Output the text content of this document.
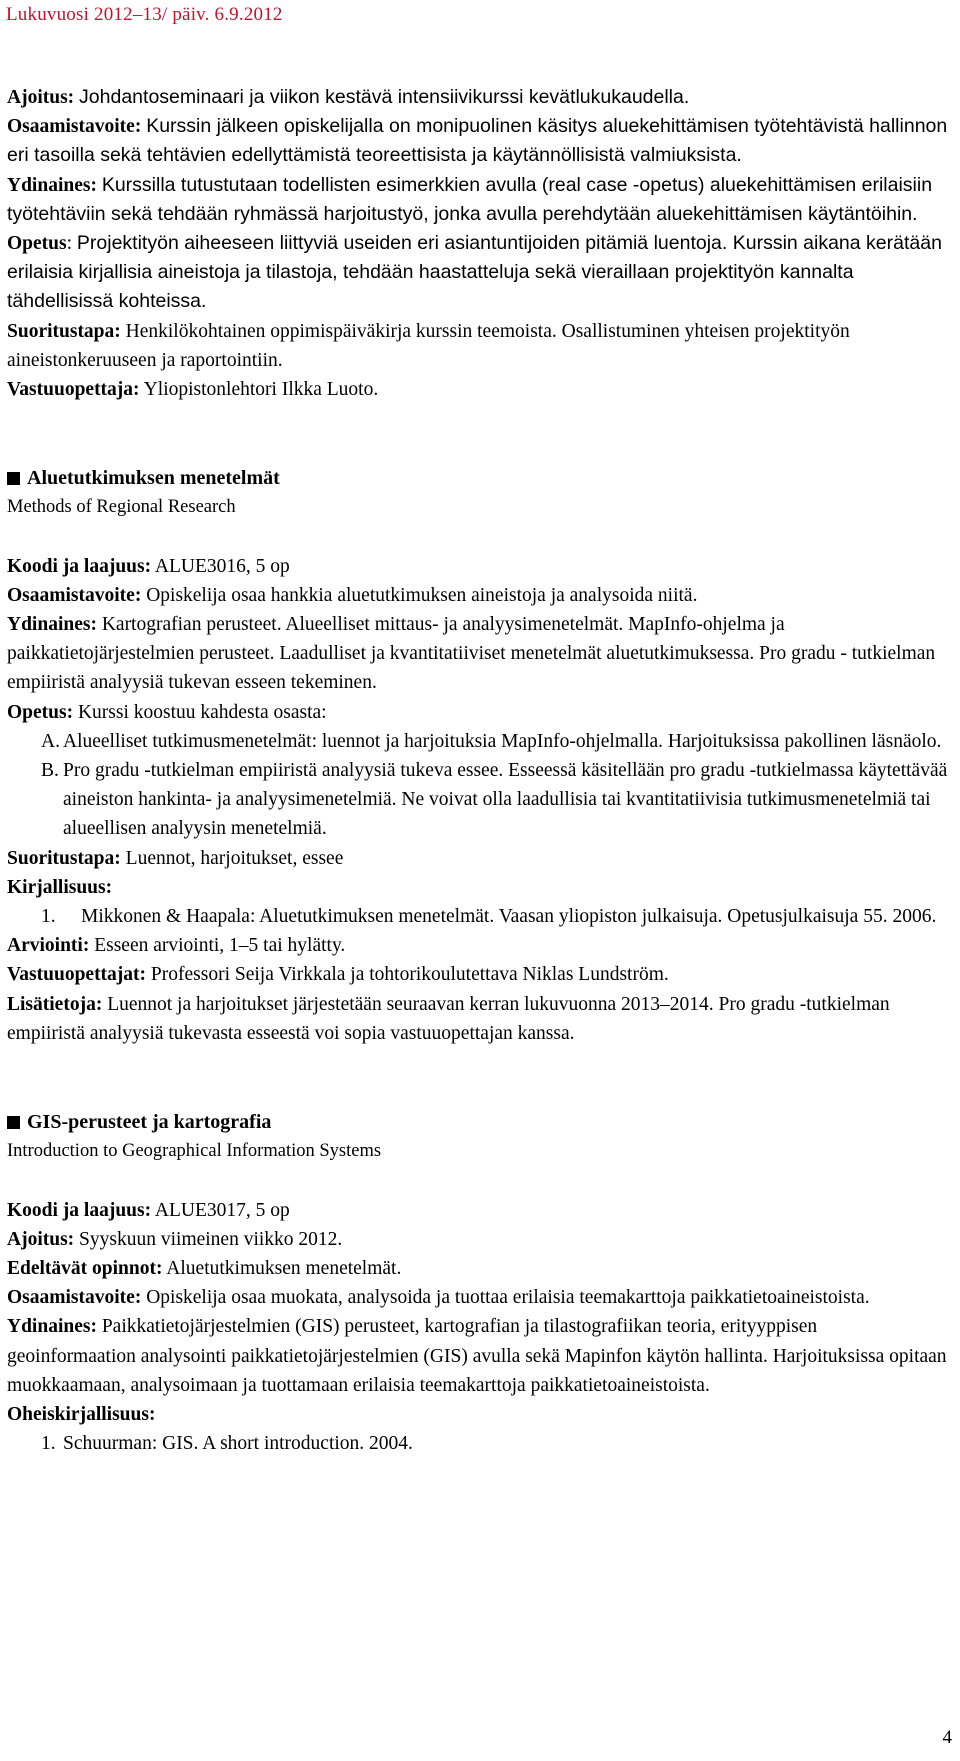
Lukuvuosi 2012–13/ päiv. 6.9.2012

Ajoitus: Johdantoseminaari ja viikon kestävä intensiivikurssi kevätlukukaudella.

Osaamistavoite: Kurssin jälkeen opiskelijalla on monipuolinen käsitys aluekehittämisen työtehtävistä hallinnon eri tasoilla sekä tehtävien edellyttämistä teoreettisista ja käytännöllisistä valmiuksista.

Ydinaines: Kurssilla tutustutaan todellisten esimerkkien avulla (real case -opetus) aluekehittämisen erilaisiin työtehtäviin sekä tehdään ryhmässä harjoitustyö, jonka avulla perehdytään aluekehittämisen käytäntöihin.

Opetus: Projektityön aiheeseen liittyviä useiden eri asiantuntijoiden pitämiä luentoja. Kurssin aikana kerätään erilaisia kirjallisia aineistoja ja tilastoja, tehdään haastatteluja sekä vieraillaan projektityön kannalta tähdellisissä kohteissa.

Suoritustapa: Henkilökohtainen oppimispäiväkirja kurssin teemoista. Osallistuminen yhteisen projektityön aineistonkeruuseen ja raportointiin.

Vastuuopettaja: Yliopistonlehtori Ilkka Luoto.

Aluetutkimuksen menetelmät

Methods of Regional Research

Koodi ja laajuus: ALUE3016, 5 op

Osaamistavoite: Opiskelija osaa hankkia aluetutkimuksen aineistoja ja analysoida niitä.

Ydinaines: Kartografian perusteet. Alueelliset mittaus- ja analyysimenetelmät. MapInfo-ohjelma ja paikkatietojärjestelmien perusteet. Laadulliset ja kvantitatiiviset menetelmät aluetutkimuksessa. Pro gradu - tutkielman empiiristä analyysiä tukevan esseen tekeminen.

Opetus: Kurssi koostuu kahdesta osasta:

A. Alueelliset tutkimusmenetelmät: luennot ja harjoituksia MapInfo-ohjelmalla. Harjoituksissa pakollinen läsnäolo.
B. Pro gradu -tutkielman empiiristä analyysiä tukeva essee. Esseessä käsitellään pro gradu -tutkielmassa käytettävää aineiston hankinta- ja analyysimenetelmiä. Ne voivat olla laadullisia tai kvantitatiivisia tutkimusmenetelmiä tai alueellisen analyysin menetelmiä.

Suoritustapa: Luennot, harjoitukset, essee

Kirjallisuus:

1.	Mikkonen & Haapala: Aluetutkimuksen menetelmät. Vaasan yliopiston julkaisuja. Opetusjulkaisuja 55. 2006.

Arviointi: Esseen arviointi, 1–5 tai hylätty.

Vastuuopettajat: Professori Seija Virkkala ja tohtorikoulutettava Niklas Lundström.

Lisätietoja: Luennot ja harjoitukset järjestetään seuraavan kerran lukuvuonna 2013–2014. Pro gradu -tutkielman empiiristä analyysiä tukevasta esseestä voi sopia vastuuopettajan kanssa.

GIS-perusteet ja kartografia

Introduction to Geographical Information Systems

Koodi ja laajuus: ALUE3017, 5 op

Ajoitus: Syyskuun viimeinen viikko 2012.

Edeltävät opinnot: Aluetutkimuksen menetelmät.

Osaamistavoite: Opiskelija osaa muokata, analysoida ja tuottaa erilaisia teemakarttoja paikkatietoaineistoista.

Ydinaines: Paikkatietojärjestelmien (GIS) perusteet, kartografian ja tilastografiikan teoria, erityyppisen geoinformaation analysointi paikkatietojärjestelmien (GIS) avulla sekä Mapinfon käytön hallinta. Harjoituksissa opitaan muokkaamaan, analysoimaan ja tuottamaan erilaisia teemakarttoja paikkatietoaineistoista.

Oheiskirjallisuus:

1. Schuurman: GIS. A short introduction. 2004.
4
